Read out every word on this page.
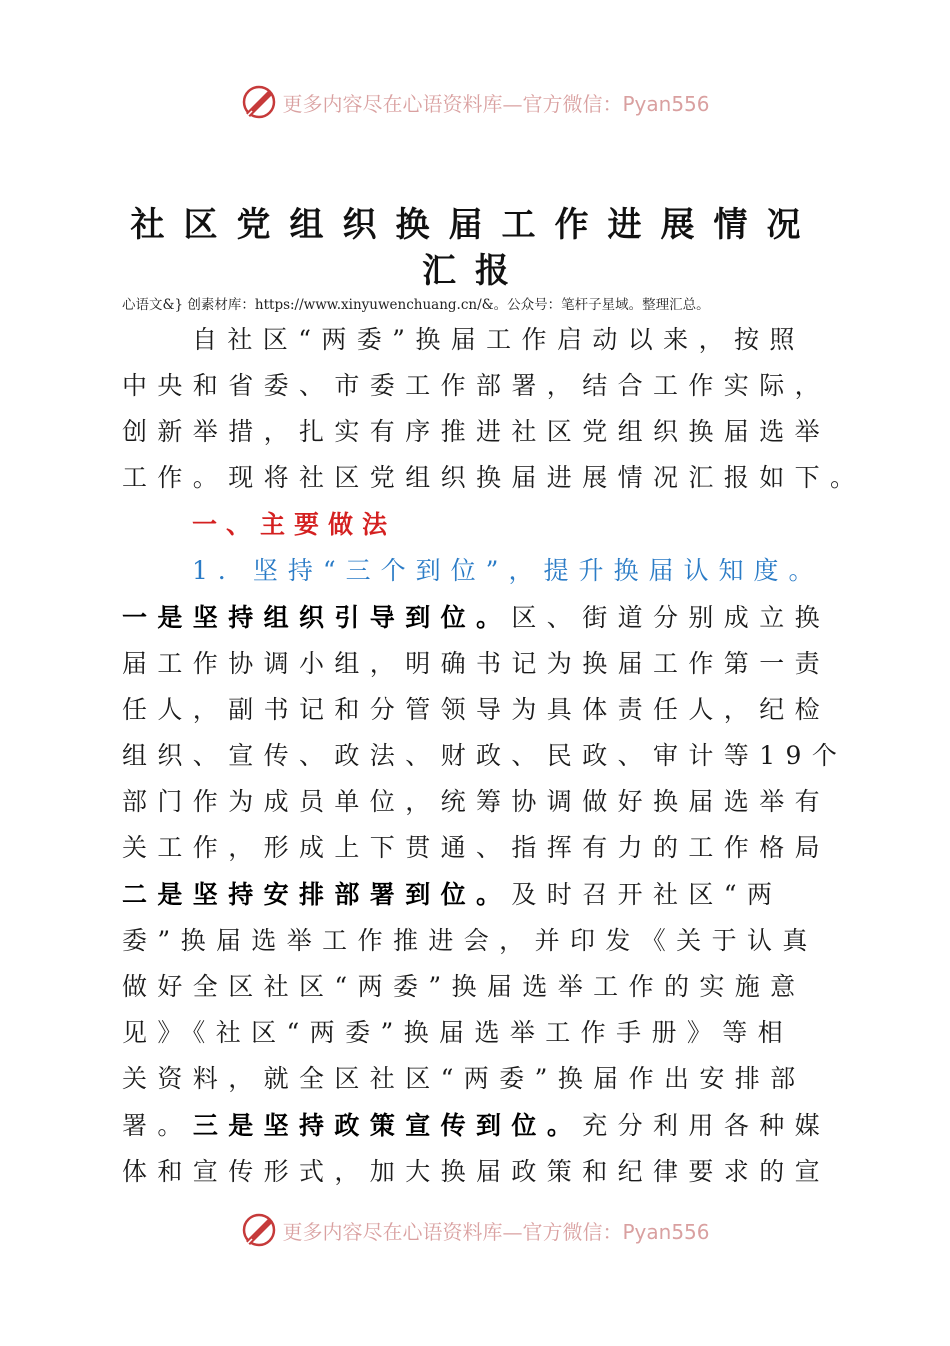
更多内容尽在心语资料库—官方微信：Pyan556
社区党组织换届工作进展情况
汇报
心语文&} 创素材库：https://www.xinyuwenchuang.cn/&。公众号：笔杆子星域。整理汇总。
自社区“两委”换届工作启动以来，按照
中央和省委、市委工作部署，结合工作实际，
创新举措，扎实有序推进社区党组织换届选举
工作。现将社区党组织换届进展情况汇报如下。
一、主要做法
1．坚持“三个到位”，提升换届认知度。
一是坚持组织引导到位。区、街道分别成立换
届工作协调小组，明确书记为换届工作第一责
任人，副书记和分管领导为具体责任人，纪检
组织、宣传、政法、财政、民政、审计等19个
部门作为成员单位，统筹协调做好换届选举有
关工作，形成上下贯通、指挥有力的工作格局
二是坚持安排部署到位。及时召开社区“两
委”换届选举工作推进会，并印发《关于认真
做好全区社区“两委”换届选举工作的实施意
见》《社区“两委”换届选举工作手册》等相
关资料，就全区社区“两委”换届作出安排部
署。三是坚持政策宣传到位。充分利用各种媒
体和宣传形式，加大换届政策和纪律要求的宣
更多内容尽在心语资料库—官方微信：Pyan556
